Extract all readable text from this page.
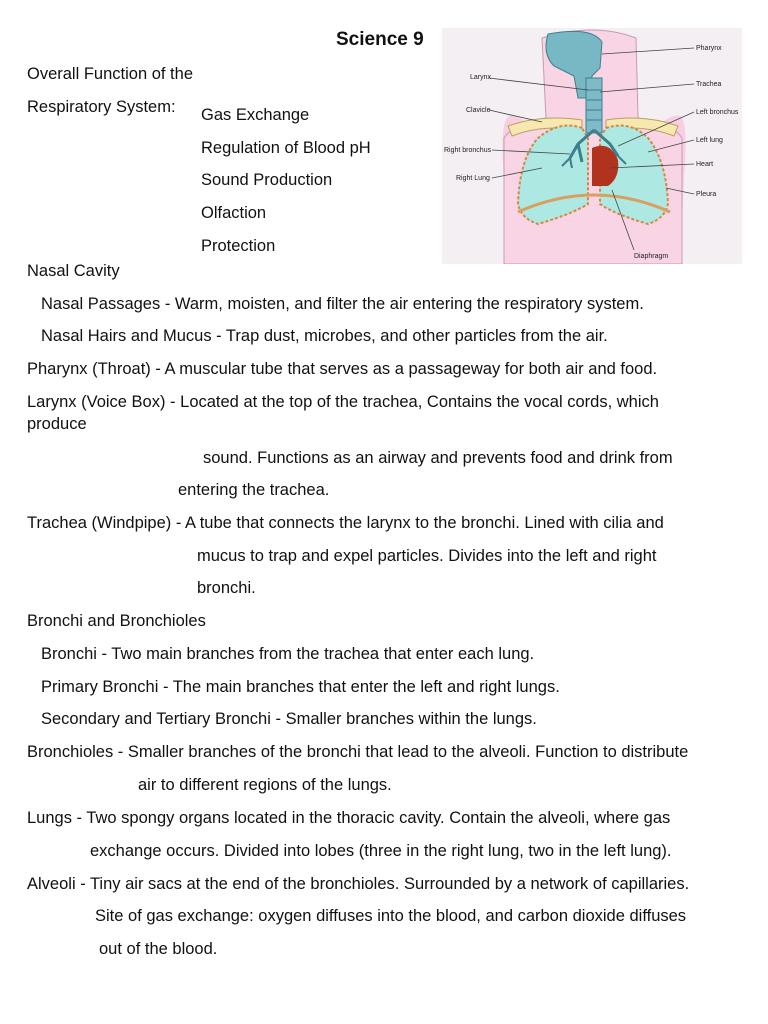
Science 9
Overall Function of the
Respiratory System: Gas Exchange
Regulation of Blood pH
Sound Production
Olfaction
Protection
Pharynx
Larynx
Trachea
Clavicle	Left bronchus
Left lung
Right bronchus
Heart
Right Lung
Pleura
Diaphragm
Nasal Cavity
Nasal Passages - Warm, moisten, and filter the air entering the respiratory system.
Nasal Hairs and Mucus - Trap dust, microbes, and other particles from the air.
Pharynx (Throat) - A muscular tube that serves as a passageway for both air and food.
Larynx (Voice Box) - Located at the top of the trachea, Contains the vocal cords, which
produce
sound. Functions as an airway and prevents food and drink from
entering the trachea.
Trachea (Windpipe) - A tube that connects the larynx to the bronchi. Lined with cilia and
mucus to trap and expel particles. Divides into the left and right
bronchi.
Bronchi and Bronchioles
Bronchi - Two main branches from the trachea that enter each lung.
Primary Bronchi - The main branches that enter the left and right lungs.
Secondary and Tertiary Bronchi - Smaller branches within the lungs.
Bronchioles - Smaller branches of the bronchi that lead to the alveoli. Function to distribute
air to different regions of the lungs.
Lungs - Two spongy organs located in the thoracic cavity. Contain the alveoli, where gas
exchange occurs. Divided into lobes (three in the right lung, two in the left lung).
Alveoli - Tiny air sacs at the end of the bronchioles. Surrounded by a network of capillaries.
Site of gas exchange: oxygen diffuses into the blood, and carbon dioxide diffuses
out of the blood.
